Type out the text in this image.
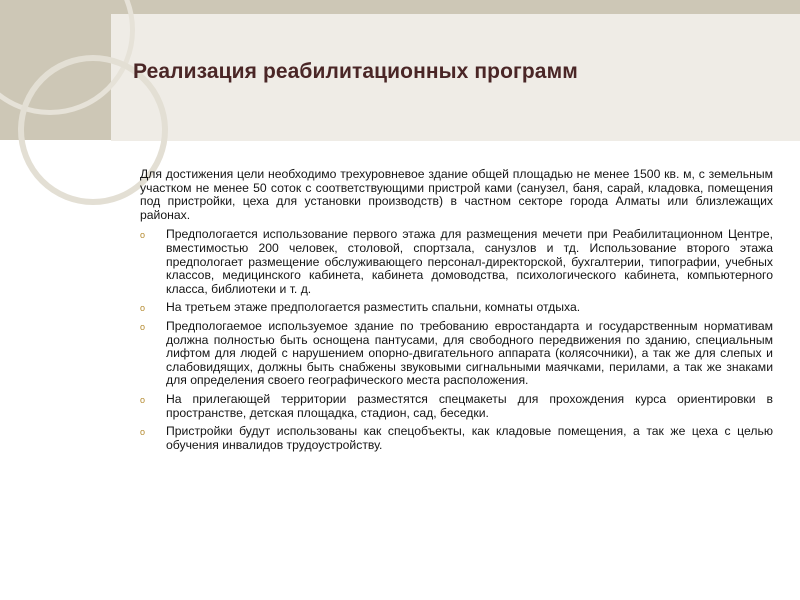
Реализация реабилитационных программ

Для достижения цели необходимо трехуровневое здание общей площадью не менее 1500 кв. м, с земельным участком не менее 50 соток с соответствующими пристрой ками (санузел, баня, сарай, кладовка, помещения под пристройки, цеха для установки производств) в частном секторе города Алматы или близлежащих районах.

o Предпологается использование первого этажа для размещения мечети при Реабилитационном Центре, вместимостью 200 человек, столовой, спортзала, санузлов и тд. Использование второго этажа предпологает размещение обслуживающего персонал-директорской, бухгалтерии, типографии, учебных классов, медицинского кабинета, кабинета домоводства, психологического кабинета, компьютерного класса, библиотеки и т. д.
o На третьем этаже предпологается разместить спальни, комнаты отдыха.
o Предпологаемое используемое здание по требованию евростандарта и государственным нормативам должна полностью быть оснощена пантусами, для свободного передвижения по зданию, специальным лифтом для людей с нарушением опорно-двигательного аппарата (колясочники), а так же для слепых и слабовидящих, должны быть снабжены звуковыми сигнальными маячками, перилами, а так же знаками для определения своего географического места расположения.
o На прилегающей территории разместятся спецмакеты для прохождения курса ориентировки в пространстве, детская площадка, стадион, сад, беседки.
o Пристройки будут использованы как спецобъекты, как кладовые помещения, а так же цеха с целью обучения инвалидов трудоустройству.
